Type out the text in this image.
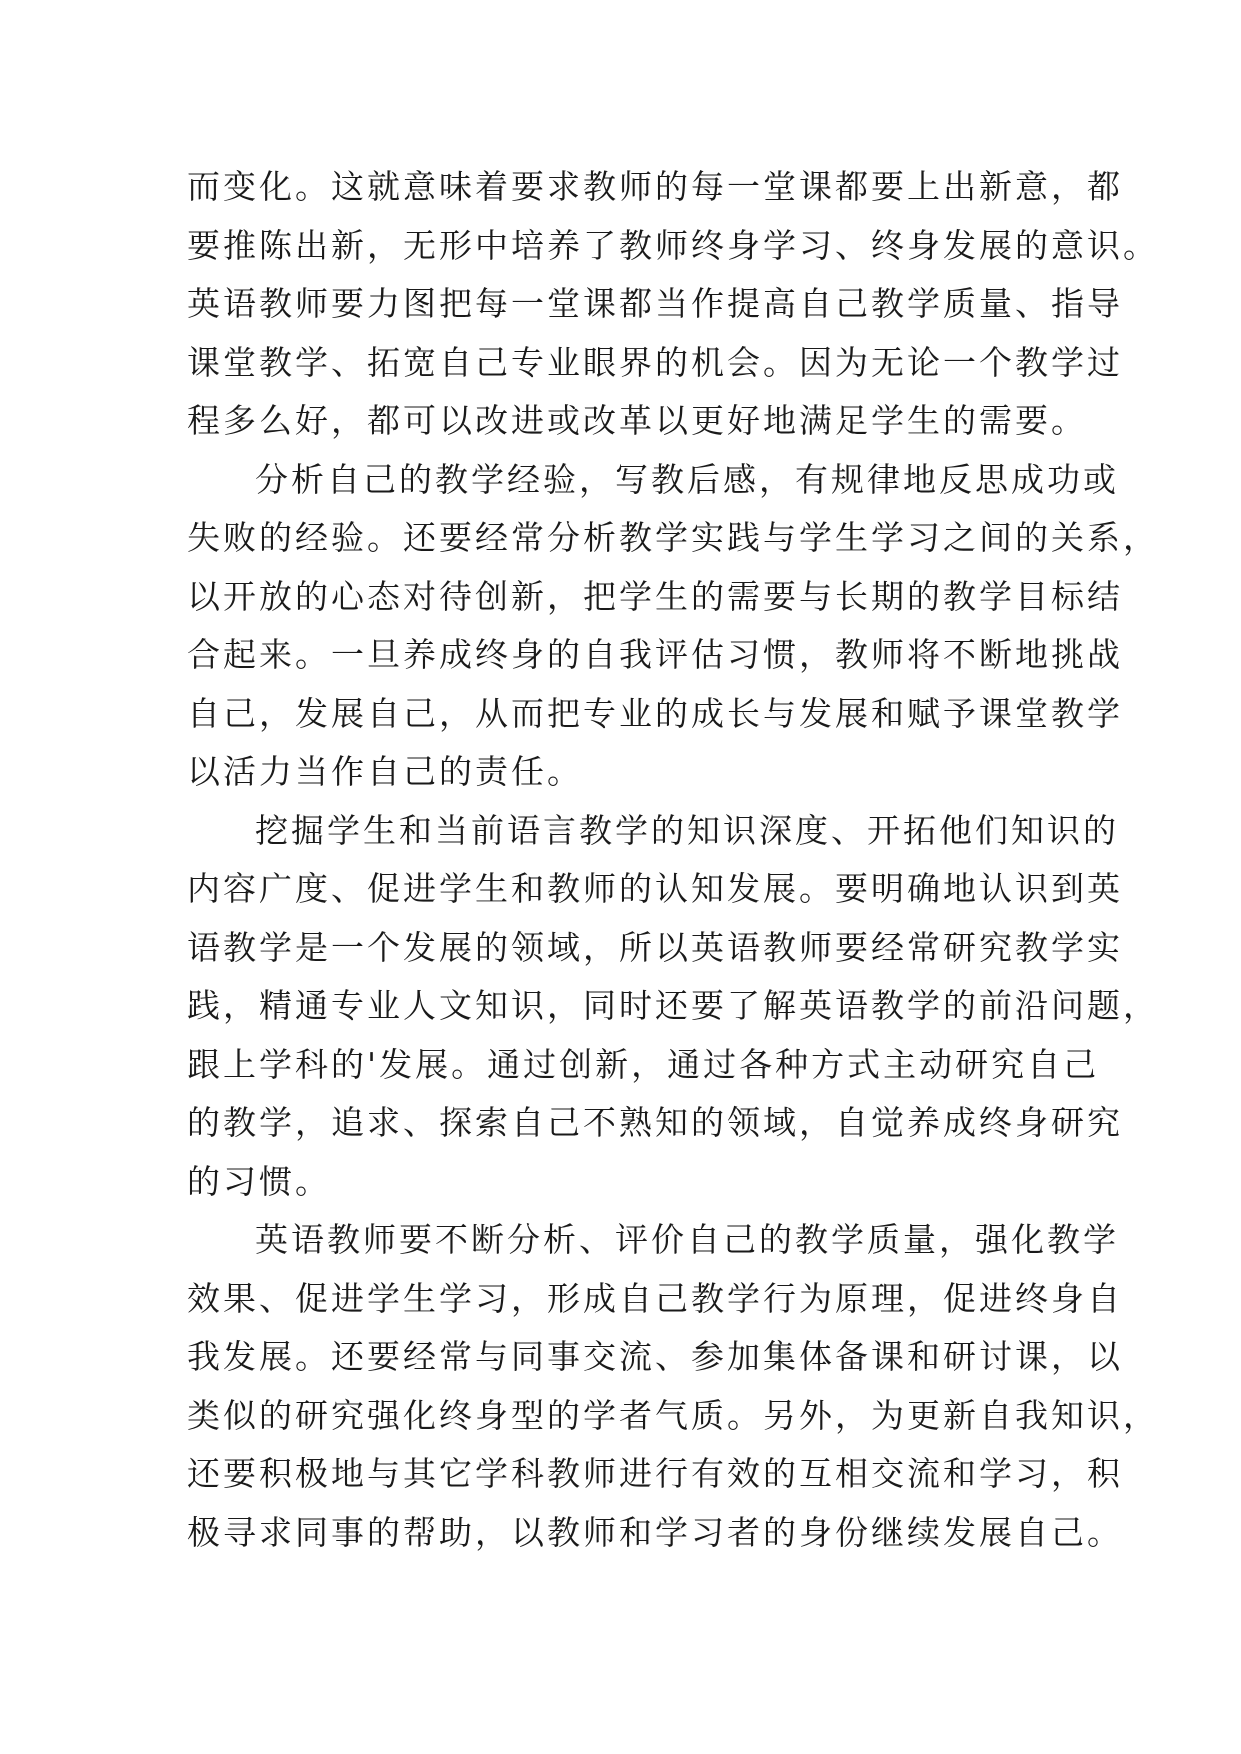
而变化。这就意味着要求教师的每一堂课都要上出新意，都
要推陈出新，无形中培养了教师终身学习、终身发展的意识。
英语教师要力图把每一堂课都当作提高自己教学质量、指导
课堂教学、拓宽自己专业眼界的机会。因为无论一个教学过
程多么好，都可以改进或改革以更好地满足学生的需要。
分析自己的教学经验，写教后感，有规律地反思成功或
失败的经验。还要经常分析教学实践与学生学习之间的关系，
以开放的心态对待创新，把学生的需要与长期的教学目标结
合起来。一旦养成终身的自我评估习惯，教师将不断地挑战
自己，发展自己，从而把专业的成长与发展和赋予课堂教学
以活力当作自己的责任。
挖掘学生和当前语言教学的知识深度、开拓他们知识的
内容广度、促进学生和教师的认知发展。要明确地认识到英
语教学是一个发展的领域，所以英语教师要经常研究教学实
践，精通专业人文知识，同时还要了解英语教学的前沿问题，
跟上学科的'发展。通过创新，通过各种方式主动研究自己
的教学，追求、探索自己不熟知的领域，自觉养成终身研究
的习惯。
英语教师要不断分析、评价自己的教学质量，强化教学
效果、促进学生学习，形成自己教学行为原理，促进终身自
我发展。还要经常与同事交流、参加集体备课和研讨课，以
类似的研究强化终身型的学者气质。另外，为更新自我知识，
还要积极地与其它学科教师进行有效的互相交流和学习，积
极寻求同事的帮助，以教师和学习者的身份继续发展自己。
